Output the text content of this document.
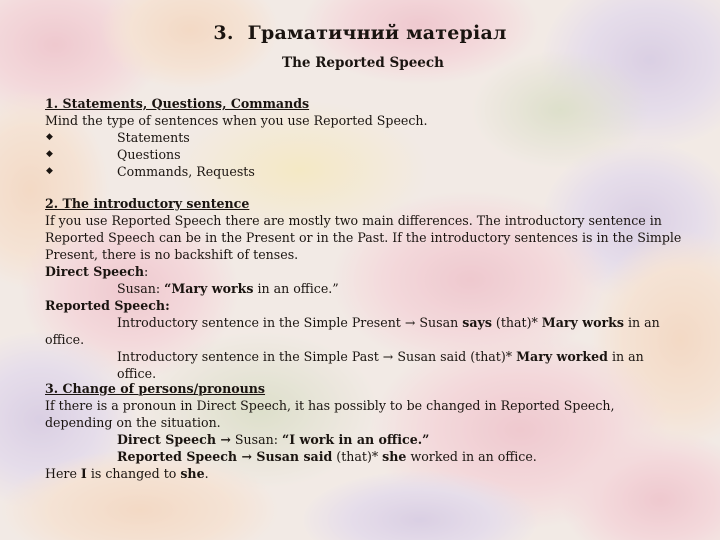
3. Граматичний матеріал
The Reported Speech

1. Statements, Questions, Commands

Mind the type of sentences when you use Reported Speech.

◆	Statements

◆	Questions

◆	Commands, Requests

2. The introductory sentence

If you use Reported Speech there are mostly two main differences. The introductory sentence in Reported Speech can be in the Present or in the Past. If the introductory sentences is in the Simple Present, there is no backshift of tenses.

Direct Speech:

Susan: “Mary works in an office.”

Reported Speech:

Introductory sentence in the Simple Present → Susan says (that)* Mary works in an

office.

Introductory sentence in the Simple Past → Susan said (that)* Mary worked in an office.

3. Change of persons/pronouns

If there is a pronoun in Direct Speech, it has possibly to be changed in Reported Speech, depending on the situation.

Direct Speech → Susan: “I work in an office.”

Reported Speech → Susan said (that)* she worked in an office.

Here I is changed to she.
